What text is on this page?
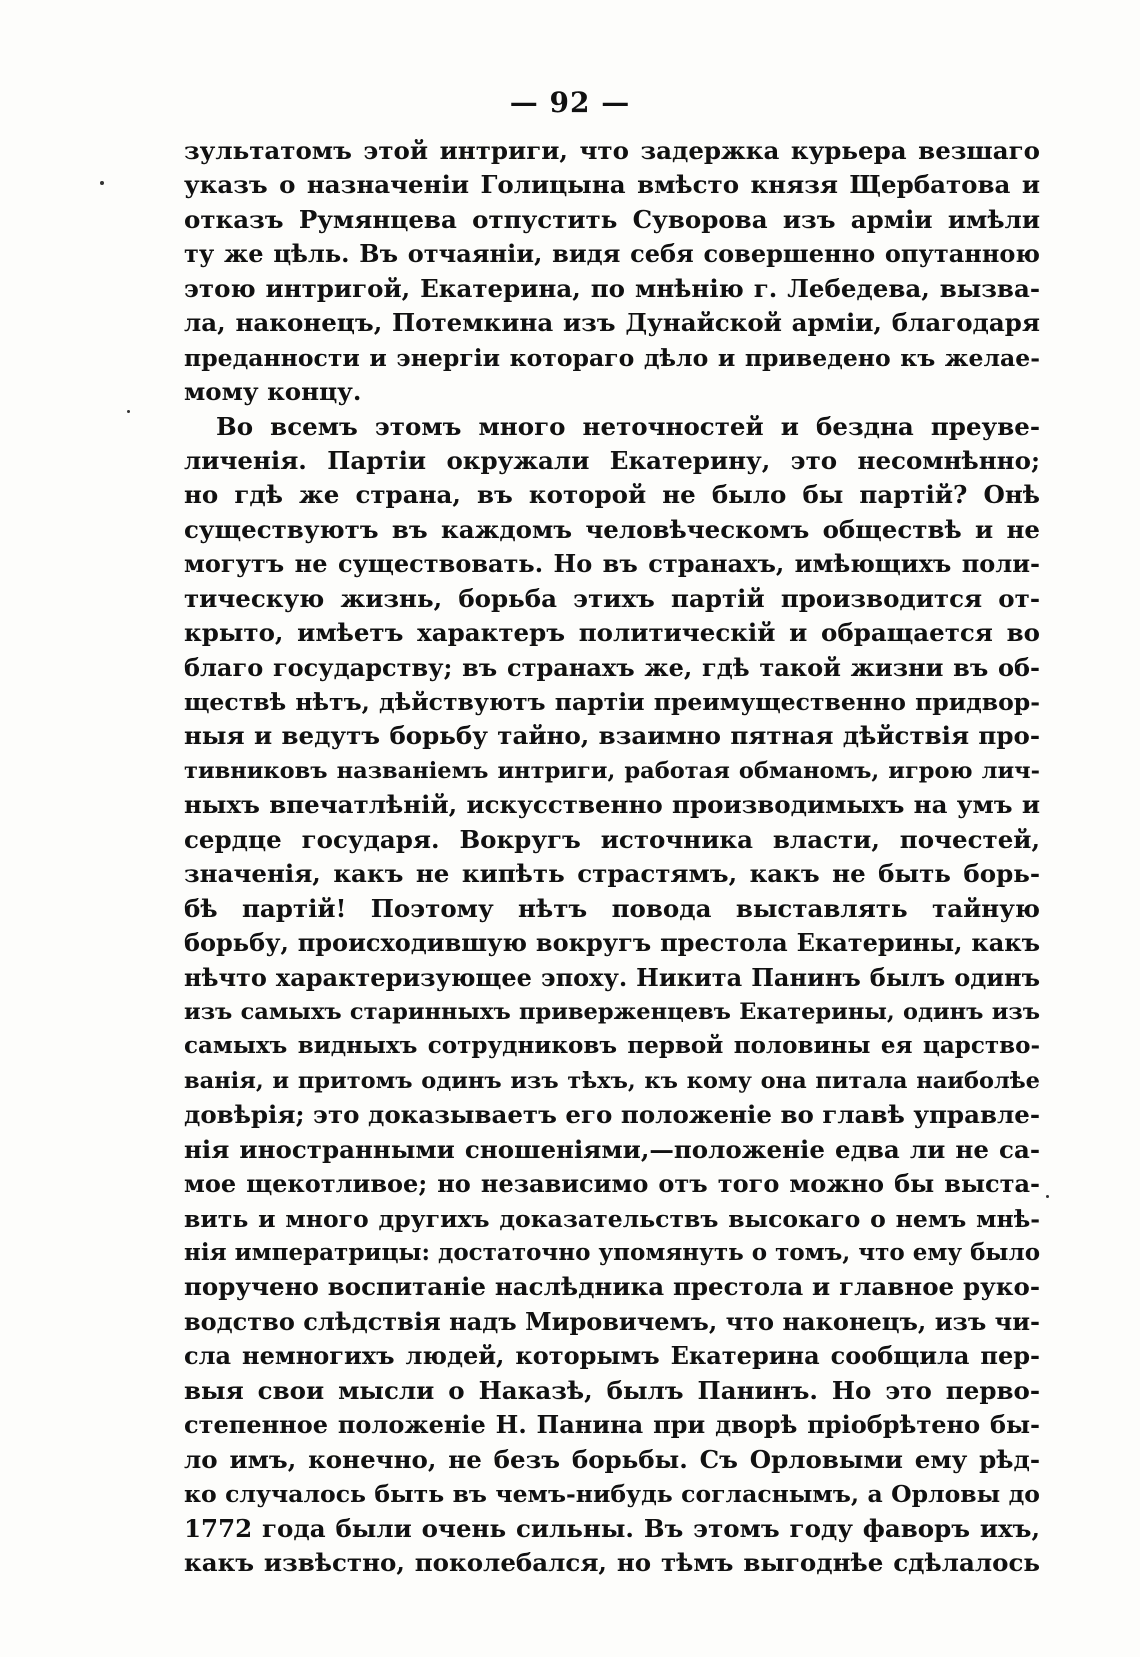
— 92 —
зультатомъ этой интриги, что задержка курьера везшаго
указъ о назначеніи Голицына вмѣсто князя Щербатова и
отказъ Румянцева отпустить Суворова изъ арміи имѣли
ту же цѣль. Въ отчаяніи, видя себя совершенно опутанною
этою интригой, Екатерина, по мнѣнію г. Лебедева, вызва-
ла, наконецъ, Потемкина изъ Дунайской арміи, благодаря
преданности и энергіи котораго дѣло и приведено къ желае-
мому концу.
Во всемъ этомъ много неточностей и бездна преуве-
личенія. Партіи окружали Екатерину, это несомнѣнно;
но гдѣ же страна, въ которой не было бы партій? Онѣ
существуютъ въ каждомъ человѣческомъ обществѣ и не
могутъ не существовать. Но въ странахъ, имѣющихъ поли-
тическую жизнь, борьба этихъ партій производится от-
крыто, имѣетъ характеръ политическій и обращается во
благо государству; въ странахъ же, гдѣ такой жизни въ об-
ществѣ нѣтъ, дѣйствуютъ партіи преимущественно придвор-
ныя и ведутъ борьбу тайно, взаимно пятная дѣйствія про-
тивниковъ названіемъ интриги, работая обманомъ, игрою лич-
ныхъ впечатлѣній, искусственно производимыхъ на умъ и
сердце государя. Вокругъ источника власти, почестей,
значенія, какъ не кипѣть страстямъ, какъ не быть борь-
бѣ партій! Поэтому нѣтъ повода выставлять тайную
борьбу, происходившую вокругъ престола Екатерины, какъ
нѣчто характеризующее эпоху. Никита Панинъ былъ одинъ
изъ самыхъ старинныхъ приверженцевъ Екатерины, одинъ изъ
самыхъ видныхъ сотрудниковъ первой половины ея царство-
ванія, и притомъ одинъ изъ тѣхъ, къ кому она питала наиболѣе
довѣрія; это доказываетъ его положеніе во главѣ управле-
нія иностранными сношеніями,—положеніе едва ли не са-
мое щекотливое; но независимо отъ того можно бы выста-
вить и много другихъ доказательствъ высокаго о немъ мнѣ-
нія императрицы: достаточно упомянуть о томъ, что ему было
поручено воспитаніе наслѣдника престола и главное руко-
водство слѣдствія надъ Мировичемъ, что наконецъ, изъ чи-
сла немногихъ людей, которымъ Екатерина сообщила пер-
выя свои мысли о Наказѣ, былъ Панинъ. Но это перво-
степенное положеніе Н. Панина при дворѣ пріобрѣтено бы-
ло имъ, конечно, не безъ борьбы. Съ Орловыми ему рѣд-
ко случалось быть въ чемъ-нибудь согласнымъ, а Орловы до
1772 года были очень сильны. Въ этомъ году фаворъ ихъ,
какъ извѣстно, поколебался, но тѣмъ выгоднѣе сдѣлалось
